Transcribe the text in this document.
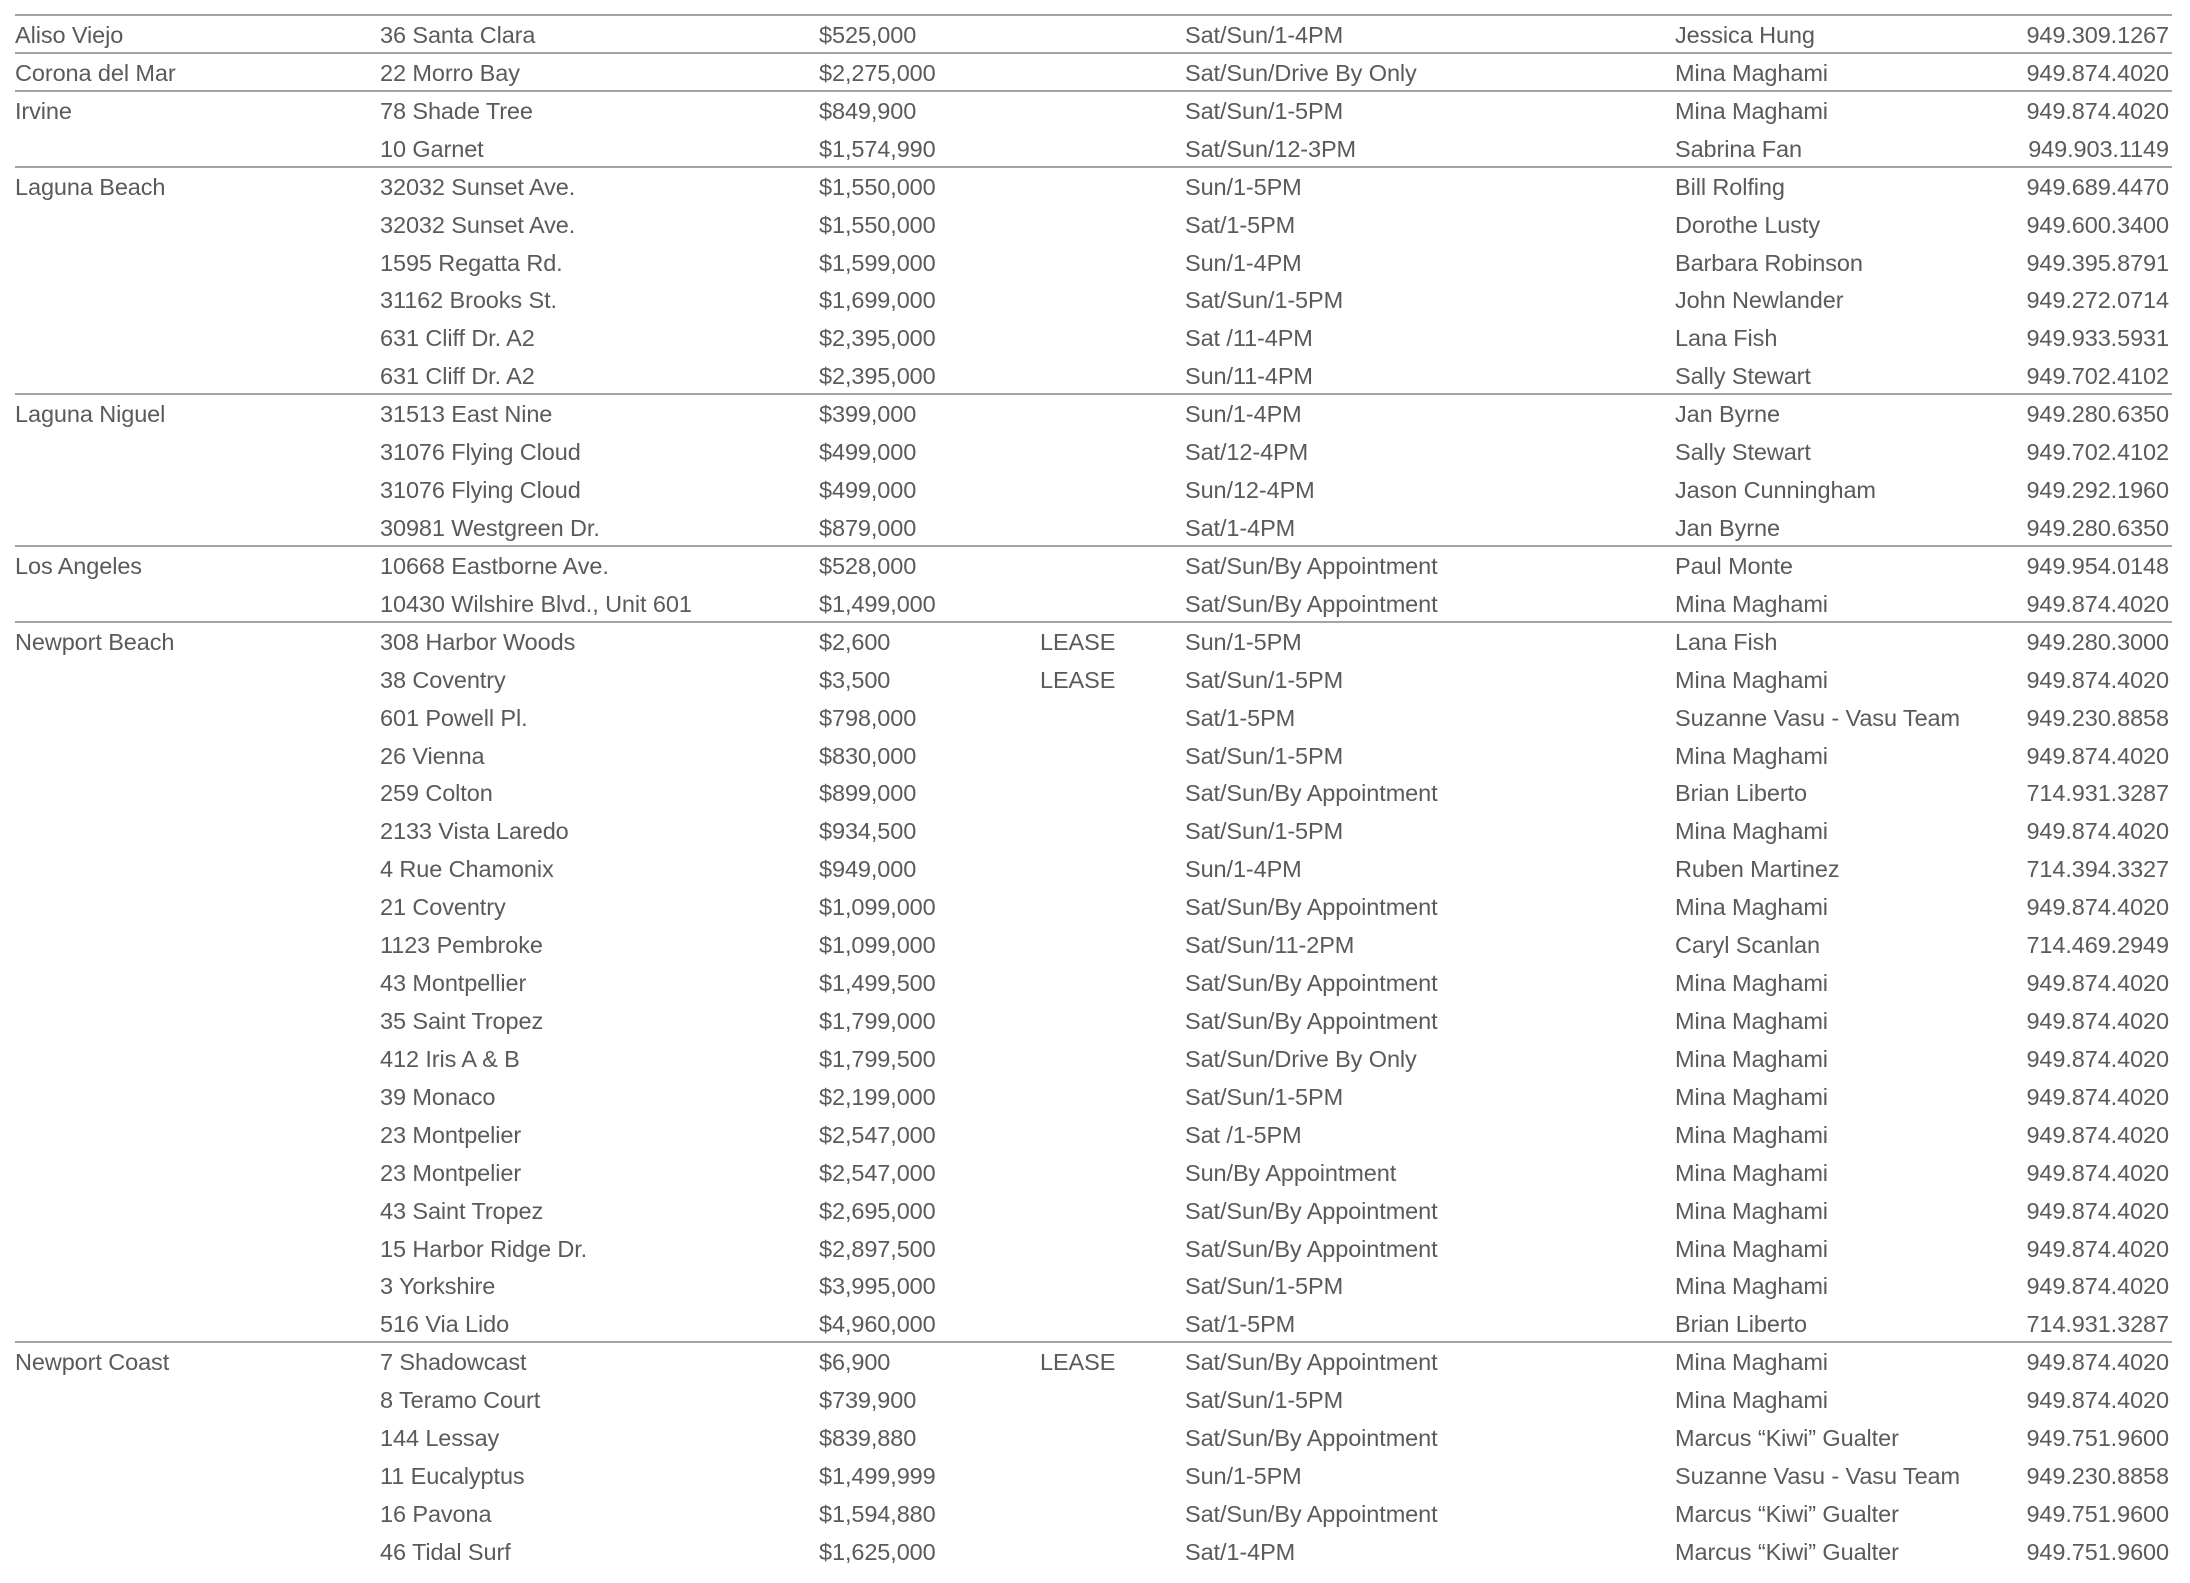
Aliso Viejo	36 Santa Clara	$525,000	Sat/Sun/1-4PM	Jessica Hung	949.309.1267
Corona del Mar	22 Morro Bay	$2,275,000	Sat/Sun/Drive By Only	Mina Maghami	949.874.4020
Irvine	78 Shade Tree	$849,900	Sat/Sun/1-5PM	Mina Maghami	949.874.4020
10 Garnet	$1,574,990	Sat/Sun/12-3PM	Sabrina Fan	949.903.1149
Laguna Beach	32032 Sunset Ave.	$1,550,000	Sun/1-5PM	Bill Rolfing	949.689.4470
32032 Sunset Ave.	$1,550,000	Sat/1-5PM	Dorothe Lusty	949.600.3400
1595 Regatta Rd.	$1,599,000	Sun/1-4PM	Barbara Robinson	949.395.8791
31162 Brooks St.	$1,699,000	Sat/Sun/1-5PM	John Newlander	949.272.0714
631 Cliff Dr. A2	$2,395,000	Sat /11-4PM	Lana Fish	949.933.5931
631 Cliff Dr. A2	$2,395,000	Sun/11-4PM	Sally Stewart	949.702.4102
Laguna Niguel	31513 East Nine	$399,000	Sun/1-4PM	Jan Byrne	949.280.6350
31076 Flying Cloud	$499,000	Sat/12-4PM	Sally Stewart	949.702.4102
31076 Flying Cloud	$499,000	Sun/12-4PM	Jason Cunningham	949.292.1960
30981 Westgreen Dr.	$879,000	Sat/1-4PM	Jan Byrne	949.280.6350
Los Angeles	10668 Eastborne Ave.	$528,000	Sat/Sun/By Appointment	Paul Monte	949.954.0148
10430 Wilshire Blvd., Unit 601	$1,499,000	Sat/Sun/By Appointment	Mina Maghami	949.874.4020
Newport Beach	308 Harbor Woods	$2,600	LEASE	Sun/1-5PM	Lana Fish	949.280.3000
38 Coventry	$3,500	LEASE	Sat/Sun/1-5PM	Mina Maghami	949.874.4020
601 Powell Pl.	$798,000	Sat/1-5PM	Suzanne Vasu - Vasu Team	949.230.8858
26 Vienna	$830,000	Sat/Sun/1-5PM	Mina Maghami	949.874.4020
259 Colton	$899,000	Sat/Sun/By Appointment	Brian Liberto	714.931.3287
2133 Vista Laredo	$934,500	Sat/Sun/1-5PM	Mina Maghami	949.874.4020
4 Rue Chamonix	$949,000	Sun/1-4PM	Ruben Martinez	714.394.3327
21 Coventry	$1,099,000	Sat/Sun/By Appointment	Mina Maghami	949.874.4020
1123 Pembroke	$1,099,000	Sat/Sun/11-2PM	Caryl Scanlan	714.469.2949
43 Montpellier	$1,499,500	Sat/Sun/By Appointment	Mina Maghami	949.874.4020
35 Saint Tropez	$1,799,000	Sat/Sun/By Appointment	Mina Maghami	949.874.4020
412 Iris A & B	$1,799,500	Sat/Sun/Drive By Only	Mina Maghami	949.874.4020
39 Monaco	$2,199,000	Sat/Sun/1-5PM	Mina Maghami	949.874.4020
23 Montpelier	$2,547,000	Sat /1-5PM	Mina Maghami	949.874.4020
23 Montpelier	$2,547,000	Sun/By Appointment	Mina Maghami	949.874.4020
43 Saint Tropez	$2,695,000	Sat/Sun/By Appointment	Mina Maghami	949.874.4020
15 Harbor Ridge Dr.	$2,897,500	Sat/Sun/By Appointment	Mina Maghami	949.874.4020
3 Yorkshire	$3,995,000	Sat/Sun/1-5PM	Mina Maghami	949.874.4020
516 Via Lido	$4,960,000	Sat/1-5PM	Brian Liberto	714.931.3287
Newport Coast	7 Shadowcast	$6,900	LEASE	Sat/Sun/By Appointment	Mina Maghami	949.874.4020
8 Teramo Court	$739,900	Sat/Sun/1-5PM	Mina Maghami	949.874.4020
144 Lessay	$839,880	Sat/Sun/By Appointment	Marcus “Kiwi” Gualter	949.751.9600
11 Eucalyptus	$1,499,999	Sun/1-5PM	Suzanne Vasu - Vasu Team	949.230.8858
16 Pavona	$1,594,880	Sat/Sun/By Appointment	Marcus “Kiwi” Gualter	949.751.9600
46 Tidal Surf	$1,625,000	Sat/1-4PM	Marcus “Kiwi” Gualter	949.751.9600
